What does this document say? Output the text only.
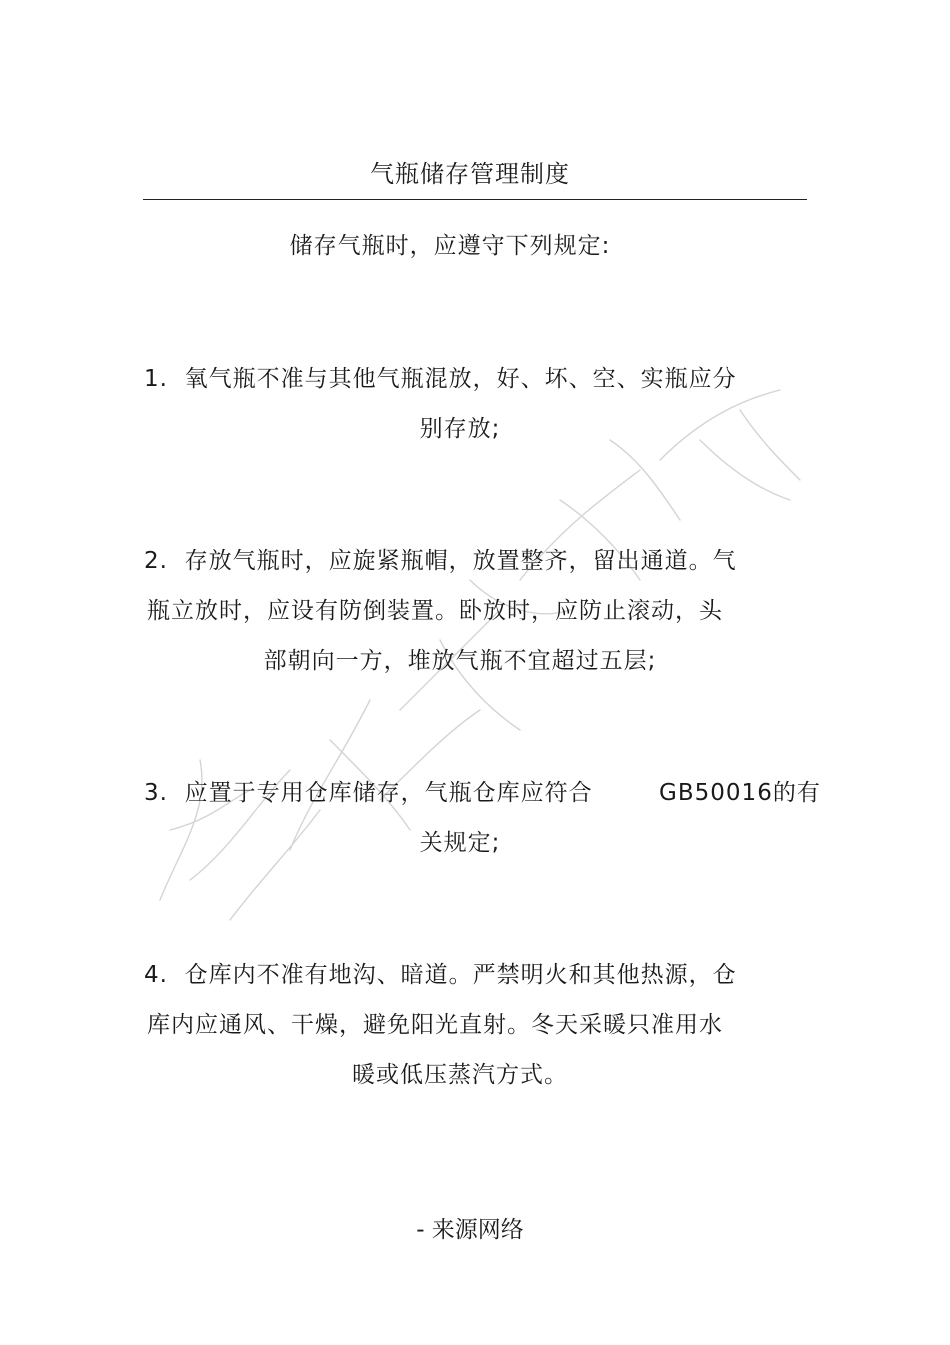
气瓶储存管理制度
储存气瓶时，应遵守下列规定:
1.  氧气瓶不准与其他气瓶混放，好、坏、空、实瓶应分
别存放;
2.  存放气瓶时，应旋紧瓶帽，放置整齐，留出通道。气
瓶立放时，应设有防倒装置。卧放时，应防止滚动，头
部朝向一方，堆放气瓶不宜超过五层;
3.  应置于专用仓库储存，气瓶仓库应符合        GB50016的有
关规定;
4.  仓库内不准有地沟、暗道。严禁明火和其他热源，仓
库内应通风、干燥，避免阳光直射。冬天采暖只准用水
暖或低压蒸汽方式。
- 来源网络
